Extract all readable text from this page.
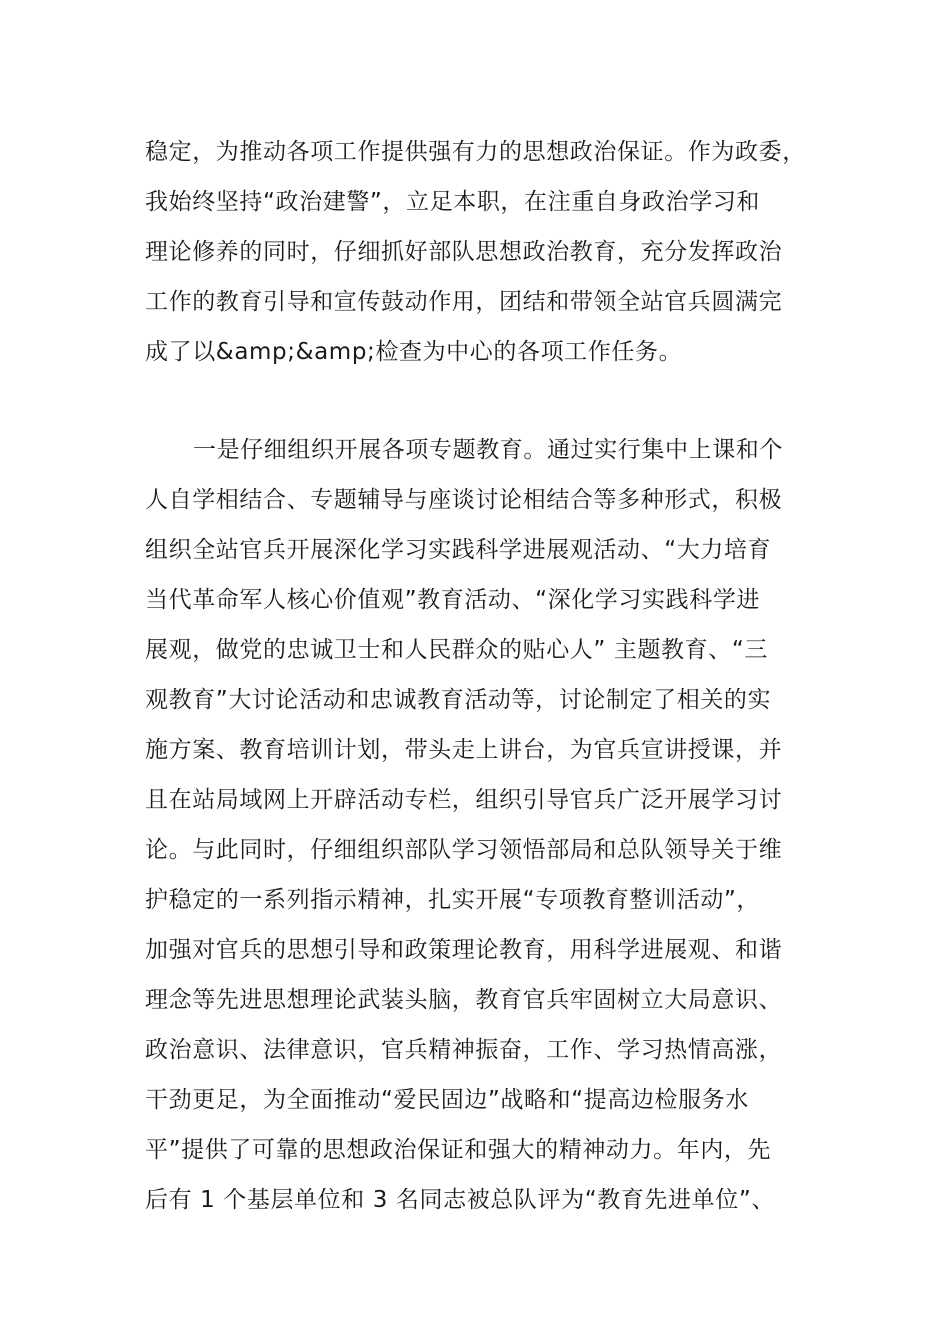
稳定，为推动各项工作提供强有力的思想政治保证。作为政委，
我始终坚持“政治建警”，立足本职，在注重自身政治学习和
理论修养的同时，仔细抓好部队思想政治教育，充分发挥政治
工作的教育引导和宣传鼓动作用，团结和带领全站官兵圆满完
成了以&amp;&amp;检查为中心的各项工作任务。
一是仔细组织开展各项专题教育。通过实行集中上课和个
人自学相结合、专题辅导与座谈讨论相结合等多种形式，积极
组织全站官兵开展深化学习实践科学进展观活动、“大力培育
当代革命军人核心价值观”教育活动、“深化学习实践科学进
展观，做党的忠诚卫士和人民群众的贴心人” 主题教育、“三
观教育”大讨论活动和忠诚教育活动等，讨论制定了相关的实
施方案、教育培训计划，带头走上讲台，为官兵宣讲授课，并
且在站局域网上开辟活动专栏，组织引导官兵广泛开展学习讨
论。与此同时，仔细组织部队学习领悟部局和总队领导关于维
护稳定的一系列指示精神，扎实开展“专项教育整训活动”，
加强对官兵的思想引导和政策理论教育，用科学进展观、和谐
理念等先进思想理论武装头脑，教育官兵牢固树立大局意识、
政治意识、法律意识，官兵精神振奋，工作、学习热情高涨，
干劲更足，为全面推动“爱民固边”战略和“提高边检服务水
平”提供了可靠的思想政治保证和强大的精神动力。年内，先
后有 1 个基层单位和 3 名同志被总队评为“教育先进单位”、
